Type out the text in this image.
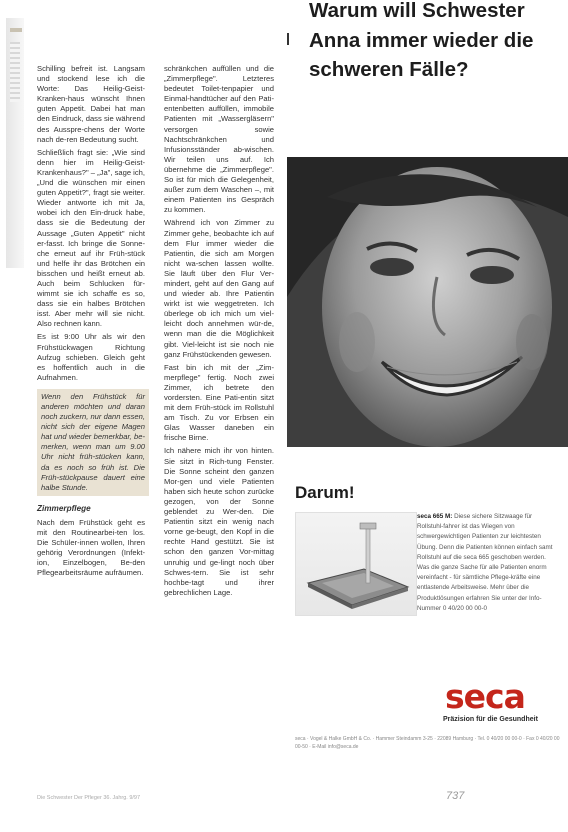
Schilling befreit ist. Langsam und stockend lese ich die Worte: Das Heilig-Geist-Kranken-haus wünscht Ihnen guten Appetit. Dabei hat man den Eindruck, dass sie während des Ausspre-chens der Worte nach de-ren Bedeutung sucht.

Schließlich fragt sie: „Wie sind denn hier im Heilig-Geist-Krankenhaus?" – „Ja", sage ich, „Und die wünschen mir einen guten Appetit?", fragt sie weiter. Wieder antworte ich mit Ja, wobei ich den Ein-druck habe, dass sie die Bedeutung der Aussage „Guten Appetit" nicht er-fasst. Ich bringe die Sonne-che erneut auf ihr Früh-stück und helfe ihr das Brötchen ein bisschen und heißt erneut ab. Auch beim Schlucken für-wimmt sie ich schaffe es so, dass sie ein halbes Brötchen isst. Aber mehr will sie nicht. Also rechnen kann.

Es ist 9:00 Uhr als wir den Frühstückwagen Richtung Aufzug schieben. Gleich geht es hoffentlich auch in die Aufnahmen.

Wenn den Frühstück für anderen möchten und daran noch zuckern, nur dann essen, nicht sich der eigene Magen hat und wieder bemerkbar, be-merken, wenn man um 9.00 Uhr nicht früh-stücken kann, da es noch so früh ist. Die Früh-stückpause dauert eine halbe Stunde.
Zimmerpflege

Nach dem Frühstück geht es mit den Routinearbei-ten los. Die Schüler-innen wollen, Ihren gehörig Verordnungen (Infekt-ion, Einzelbogen, Be-den Pflegearbeitsräume aufräumen.

schränkchen auffüllen und die „Zimmerpflege". Letzteres bedeutet Toilet-tenpapier und Einmal-handtücher auf den Pati-entenbetten auffüllen, immobile Patienten mit „Wassergläsern" versorgen sowie Nachtschränkchen und Infusionsständer ab-wischen. Wir teilen uns auf. Ich übernehme die „Zimmerpflege". So ist für mich die Gelegenheit, außer zum dem Waschen –, mit einem Patienten ins Gespräch zu kommen.

Während ich von Zimmer zu Zimmer gehe, beobachte ich auf dem Flur immer wieder die Patientin, die sich am Morgen nicht wa-schen lassen wollte. Sie läuft über den Flur Ver-mindert, geht auf den Gang auf und wieder ab. Ihre Patientin wirkt ist wie weggetreten. Ich überlege ob ich mich um viel-leicht doch annehmen wür-de, wenn man die die Möglichkeit gibt. Viel-leicht ist sie noch nie ganz Frühstückenden gewesen.

Fast bin ich mit der „Zim-merpflege" fertig. Noch zwei Zimmer, ich betrete den vordersten. Eine Pati-entin sitzt mit dem Früh-stück im Rollstuhl am Tisch. Zu vor Erbsen ein Glas Wasser daneben ein frische Birne.

Ich nähere mich ihr von hinten. Sie sitzt in Rich-tung Fenster. Die Sonne scheint den ganzen Mor-gen und viele Patienten haben sich heute schon zurücke gezogen, von der Sonne geblendet zu Wer-den. Die Patientin sitzt ein wenig nach vorne ge-beugt, den Kopf in die rechte Hand gestützt. Sie ist schon den ganzen Vor-mittag unruhig und ge-lingt noch über Schwes-tern. Sie ist sehr hochbe-tagt und ihrer gebrechlichen Lage.

Warum will Schwester Anna immer wieder die schweren Fälle?
Darum!

seca 665 M: Diese sichere Sitzwaage für Rollstuhl-fahrer ist das Wiegen von schwergewichtigen Patienten zur leichtesten Übung. Denn die Patienten können einfach samt Rollstuhl auf die seca 665 geschoben werden. Was die ganze Sache für alle Patienten enorm vereinfacht - für sämtliche Pflege-kräfte eine entlastende Arbeitsweise. Mehr über die Produktlösungen erfahren Sie unter der Info-Nummer 0 40/20 00 00-0

seca
Präzision für die Gesundheit
seca · Vogel & Halke GmbH & Co. · Hammer Steindamm 3-25 · 22089 Hamburg · Tel. 0 40/20 00 00-0 · Fax 0 40/20 00 00-50 · E-Mail info@seca.de
Die Schwester Der Pfleger 36. Jahrg. 9/97	737
